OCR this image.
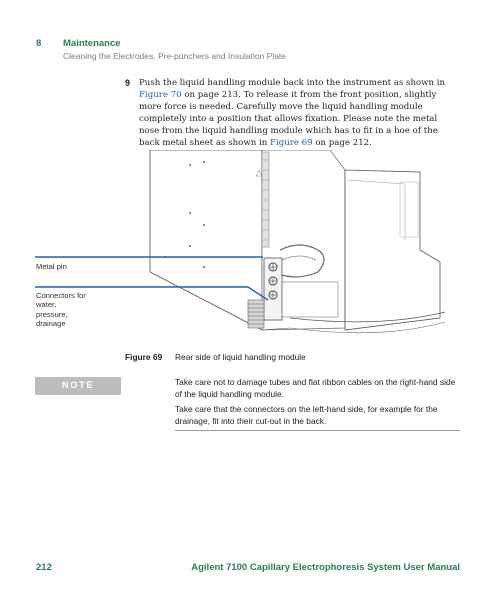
8 Maintenance
Cleaning the Electrodes, Pre-punchers and Insulation Plate
9 Push the liquid handling module back into the instrument as shown in Figure 70 on page 213. To release it from the front position, slightly more force is needed. Carefully move the liquid handling module completely into a position that allows fixation. Please note the metal nose from the liquid handling module which has to fit in a hoe of the back metal sheet as shown in Figure 69 on page 212.
Metal pin
Connectors for
water,
pressure,
drainage
Figure 69 Rear side of liquid handling module
NOTE	Take care not to damage tubes and flat ribbon cables on the right-hand side of the liquid handling module.
Take care that the connectors on the left-hand side, for example for the drainage, fit into their cut-out in the back.
212	Agilent 7100 Capillary Electrophoresis System User Manual
